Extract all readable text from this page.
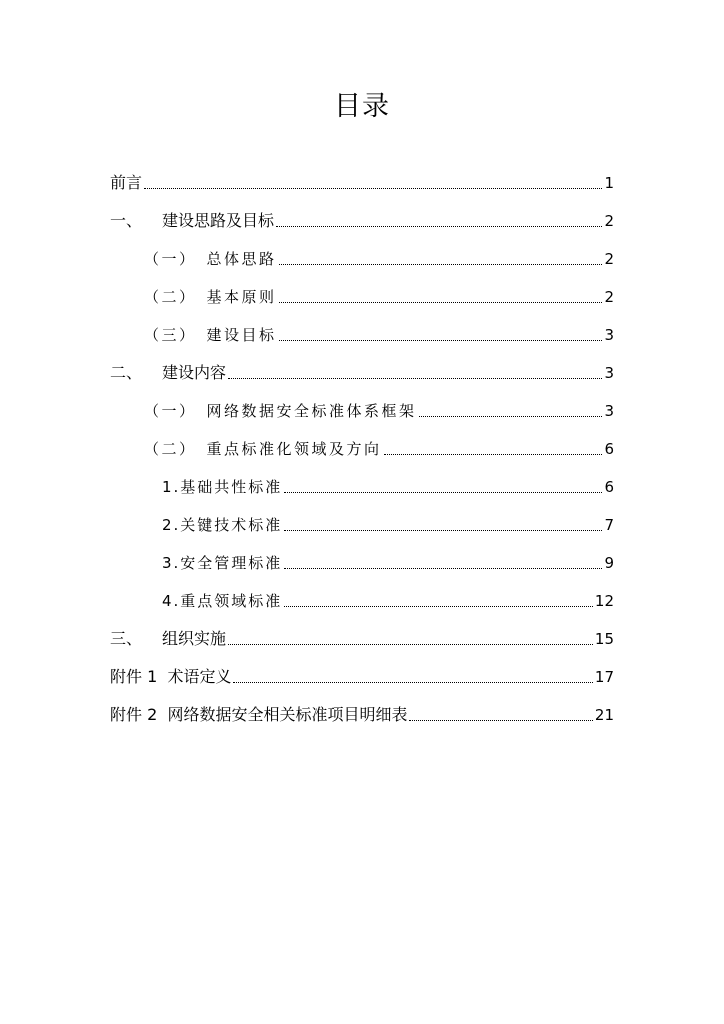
目录
前言	1
一、 建设思路及目标	2
（一） 总体思路	2
（二） 基本原则	2
（三） 建设目标	3
二、 建设内容	3
（一） 网络数据安全标准体系框架	3
（二） 重点标准化领域及方向	6
1.基础共性标准	6
2.关键技术标准	7
3.安全管理标准	9
4.重点领域标准	12
三、 组织实施	15
附件 1  术语定义	17
附件 2  网络数据安全相关标准项目明细表	21
